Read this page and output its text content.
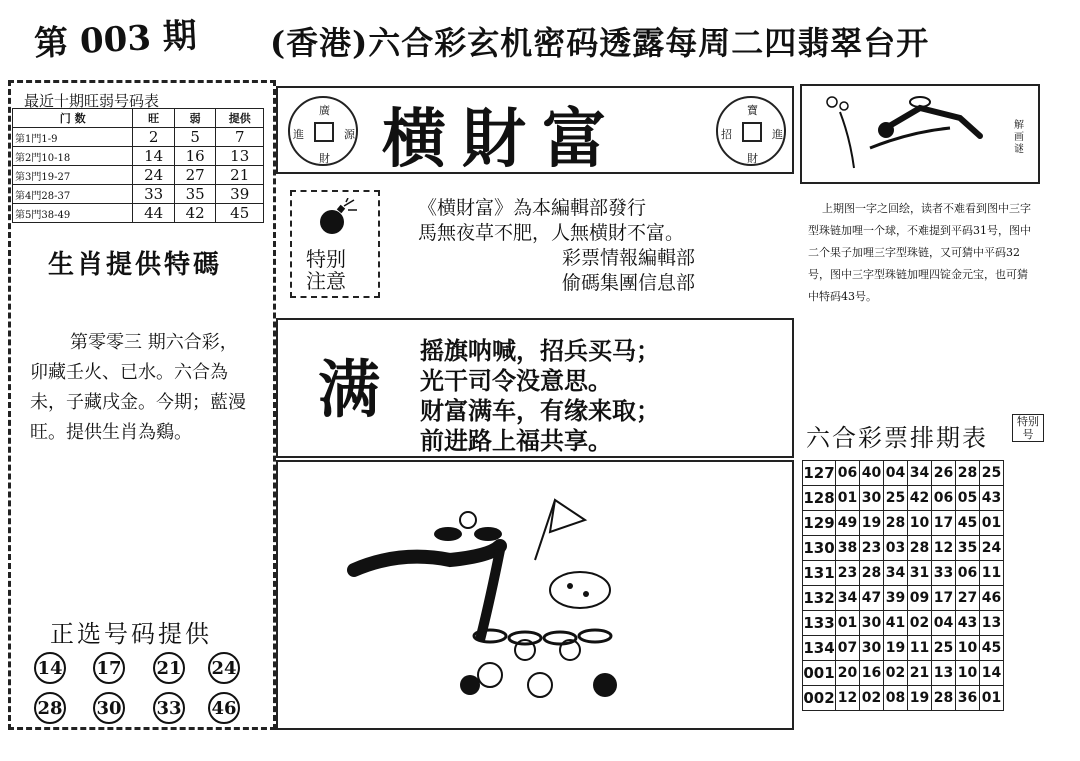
第 003 期 (香港)六合彩玄机密码透露每周二四翡翠台开
最近十期旺弱号码表
门 数	旺	弱	提供
第1門1-9	2	5	7
第2門10-18	14	16	13
第3門19-27	24	27	21
第4門28-37	33	35	39
第5門38-49	44	42	45
生肖提供特碼
第零零三 期六合彩，卯藏壬火、已水。六合為未，子藏戌金。今期；藍漫旺。提供生肖為鷄。
正选号码提供
14 17 21 24
28 30 33 46
廣
進	源
財 横財富	寶
招	進
財
特别
注意
《横財富》為本編輯部發行
馬無夜草不肥，人無横財不富。
彩票情報編輯部
偷碼集團信息部
满
摇旗呐喊，招兵买马；
光干司令没意思。
财富满车，有缘来取；
前进路上福共享。
解画谜
上期图一字之回绘，读者不难看到图中三字型珠链加哩一个球，不难提到平码31号，图中二个果子加哩三字型珠链，又可猜中平码32号，图中三字型珠链加哩四锭金元宝，也可猜中特码43号。
六合彩票排期表
特别号
127	06	40	04	34	26	28	25
128	01	30	25	42	06	05	43
129	49	19	28	10	17	45	01
130	38	23	03	28	12	35	24
131	23	28	34	31	33	06	11
132	34	47	39	09	17	27	46
133	01	30	41	02	04	43	13
134	07	30	19	11	25	10	45
001	20	16	02	21	13	10	14
002	12	02	08	19	28	36	01
